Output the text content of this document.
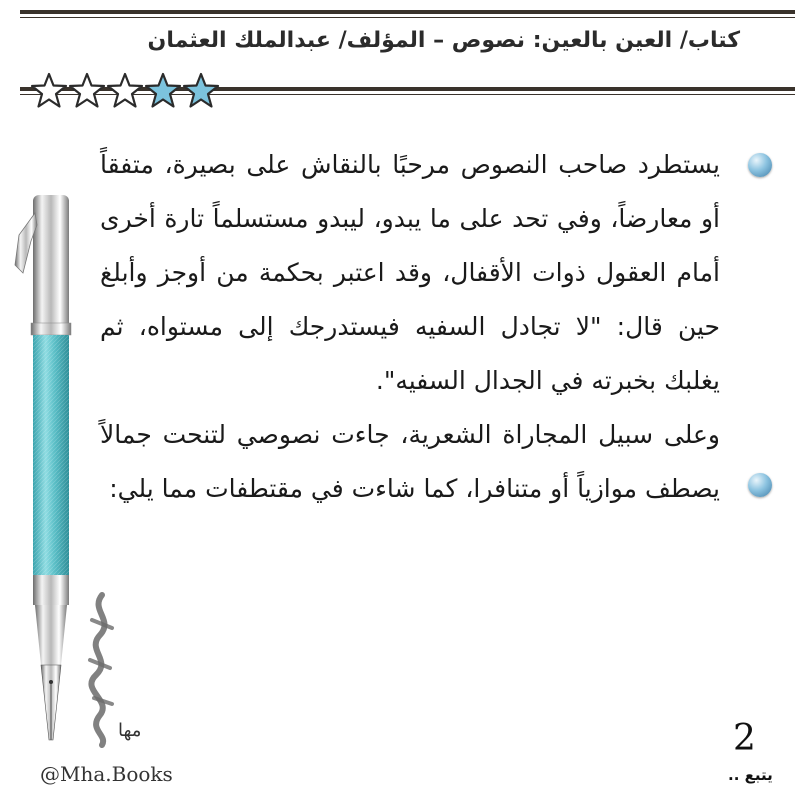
كتاب/ العين بالعين: نصوص – المؤلف/ عبدالملك العثمان

يستطرد صاحب النصوص مرحبًا بالنقاش على بصيرة، متفقاً أو معارضاً، وفي تحد على ما يبدو، ليبدو مستسلماً تارة أخرى أمام العقول ذوات الأقفال، وقد اعتبر بحكمة من أوجز وأبلغ حين قال: "لا تجادل السفيه فيستدرجك إلى مستواه، ثم يغلبك بخبرته في الجدال السفيه".

وعلى سبيل المجاراة الشعرية، جاءت نصوصي لتنحت جمالاً يصطف موازياً أو متنافرا، كما شاءت في مقتطفات مما يلي:

مها
@Mha.Books
2
يتبع ..
